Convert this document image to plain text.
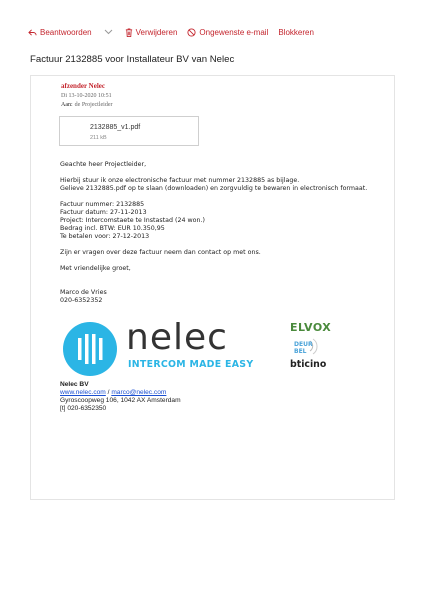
Beantwoorden	Verwijderen	Ongewenste e-mail Blokkeren
Factuur 2132885 voor Installateur BV van Nelec
afzender Nelec
Di 13-10-2020 10:51
Aan: de Projectleider
2132885_v1.pdf
211 kB
Geachte heer Projectleider,
Hierbij stuur ik onze electronische factuur met nummer 2132885 as bijlage.
Gelieve 2132885.pdf op te slaan (downloaden) en zorgvuldig te bewaren in electronisch formaat.
Factuur nummer: 2132885
Factuur datum: 27-11-2013
Project: Intercomstaete te Instastad (24 won.)
Bedrag incl. BTW: EUR 10.350,95
Te betalen voor: 27-12-2013
Zijn er vragen over deze factuur neem dan contact op met ons.
Met vriendelijke groet,
Marco de Vries
020-6352352
nelec
INTERCOM MADE EASY
ELVOX
DEUR
BEL
bticino
Nelec BV
www.nelec.com / marco@nelec.com
Gyroscoopweg 106, 1042 AX Amsterdam
[t] 020-6352350
